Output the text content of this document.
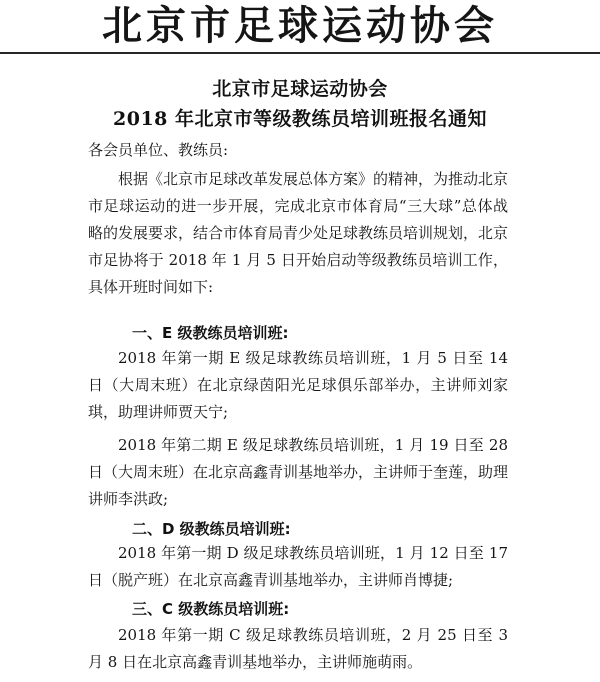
北京市足球运动协会
北京市足球运动协会
2018 年北京市等级教练员培训班报名通知
各会员单位、教练员:
根据《北京市足球改革发展总体方案》的精神，为推动北京市足球运动的进一步开展，完成北京市体育局“三大球”总体战略的发展要求，结合市体育局青少处足球教练员培训规划，北京市足协将于 2018 年 1 月 5 日开始启动等级教练员培训工作，具体开班时间如下:
一、E 级教练员培训班:
2018 年第一期 E 级足球教练员培训班，1 月 5 日至 14 日（大周末班）在北京绿茵阳光足球俱乐部举办，主讲师刘家琪，助理讲师贾天宁;
2018 年第二期 E 级足球教练员培训班，1 月 19 日至 28 日（大周末班）在北京高鑫青训基地举办，主讲师于奎莲，助理讲师李洪政;
二、D 级教练员培训班:
2018 年第一期 D 级足球教练员培训班，1 月 12 日至 17 日（脱产班）在北京高鑫青训基地举办，主讲师肖博捷;
三、C 级教练员培训班:
2018 年第一期 C 级足球教练员培训班，2 月 25 日至 3 月 8 日在北京高鑫青训基地举办，主讲师施萌雨。
